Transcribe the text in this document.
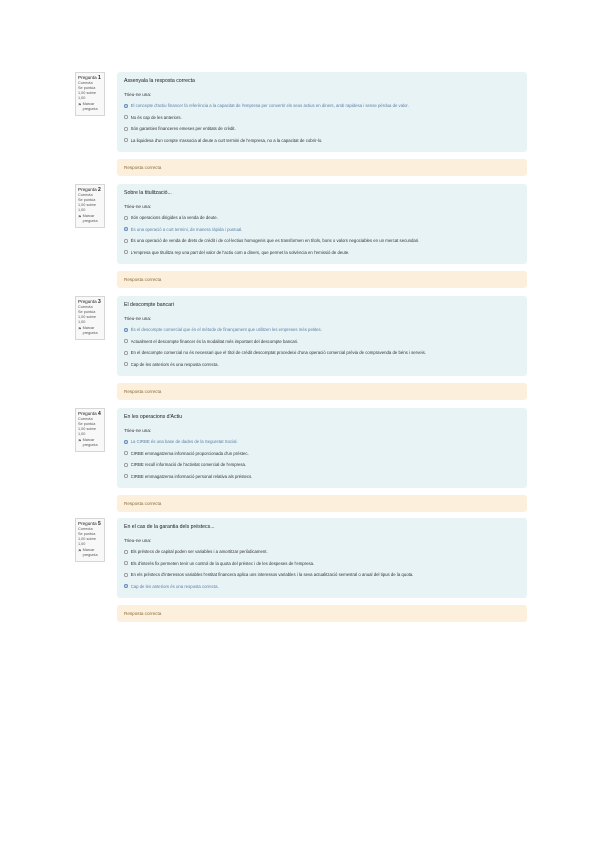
Pregunta 1
Correcta
Se puntúa 1,00 sobre 1,00
⚑ Marcar pregunta
Assenyala la resposta correcta
Trieu-ne una:
El concepte d'actiu financer fa referència a la capacitat de l'empresa per convertir els seus actius en diners, amb rapidesa i sense pèrdua de valor.
No és cap de les anteriors.
Són garanties financeres emeses per entitats de crèdit.
La liquidesa d'un compte s'associa al deute a curt termini de l'empresa, no a la capacitat de cobrir-lo.
Resposta correcta
Pregunta 2
Correcta
Se puntúa 1,00 sobre 1,00
⚑ Marcar pregunta
Sobre la titulització...
Trieu-ne una:
Són operacions dirigides a la venda de deute.
És una operació a curt termini, de manera ràpida i puntual.
És una operació de venda de drets de crèdit i de col·lectius homogenis que es transformen en títols, bons o valors negociables en un mercat secundari.
L'empresa que titulitza rep una part del valor de l'actiu com a diners, que permet la solvència en l'emissió de deute.
Resposta correcta
Pregunta 3
Correcta
Se puntúa 1,00 sobre 1,00
⚑ Marcar pregunta
El descompte bancari
Trieu-ne una:
És el descompte comercial que és el mètode de finançament que utilitzen les empreses més petites.
Actualment el descompte financer és la modalitat més important del descompte bancari.
En el descompte comercial no és necessari que el títol de crèdit descomptat procedeixi d'una operació comercial prèvia de compravenda de béns i serveis.
Cap de les anteriors és una resposta correcta.
Resposta correcta
Pregunta 4
Correcta
Se puntúa 1,00 sobre 1,00
⚑ Marcar pregunta
En les operacions d'Actiu
Trieu-ne una:
La CIRBE és una base de dades de la Seguretat Social.
CIRBE emmagatzema informació proporcionada d'un préstec.
CIRBE recull informació de l'activitat comercial de l'empresa.
CIRBE emmagatzema informació personal relativa als préstecs.
Resposta correcta
Pregunta 5
Correcta
Se puntúa 1,00 sobre 1,00
⚑ Marcar pregunta
En el cas de la garantia dels préstecs...
Trieu-ne una:
Els préstecs de capital poden ser variables i a amortitzar periòdicament.
Els d'interès fix permeten tenir un control de la quota del préstec i de les despeses de l'empresa.
En els préstecs d'interessos variables l'entitat financera aplica uns interessos variables i la seva actualització semestral o anual del tipus de la quota.
Cap de les anteriors és una resposta correcta.
Resposta correcta
